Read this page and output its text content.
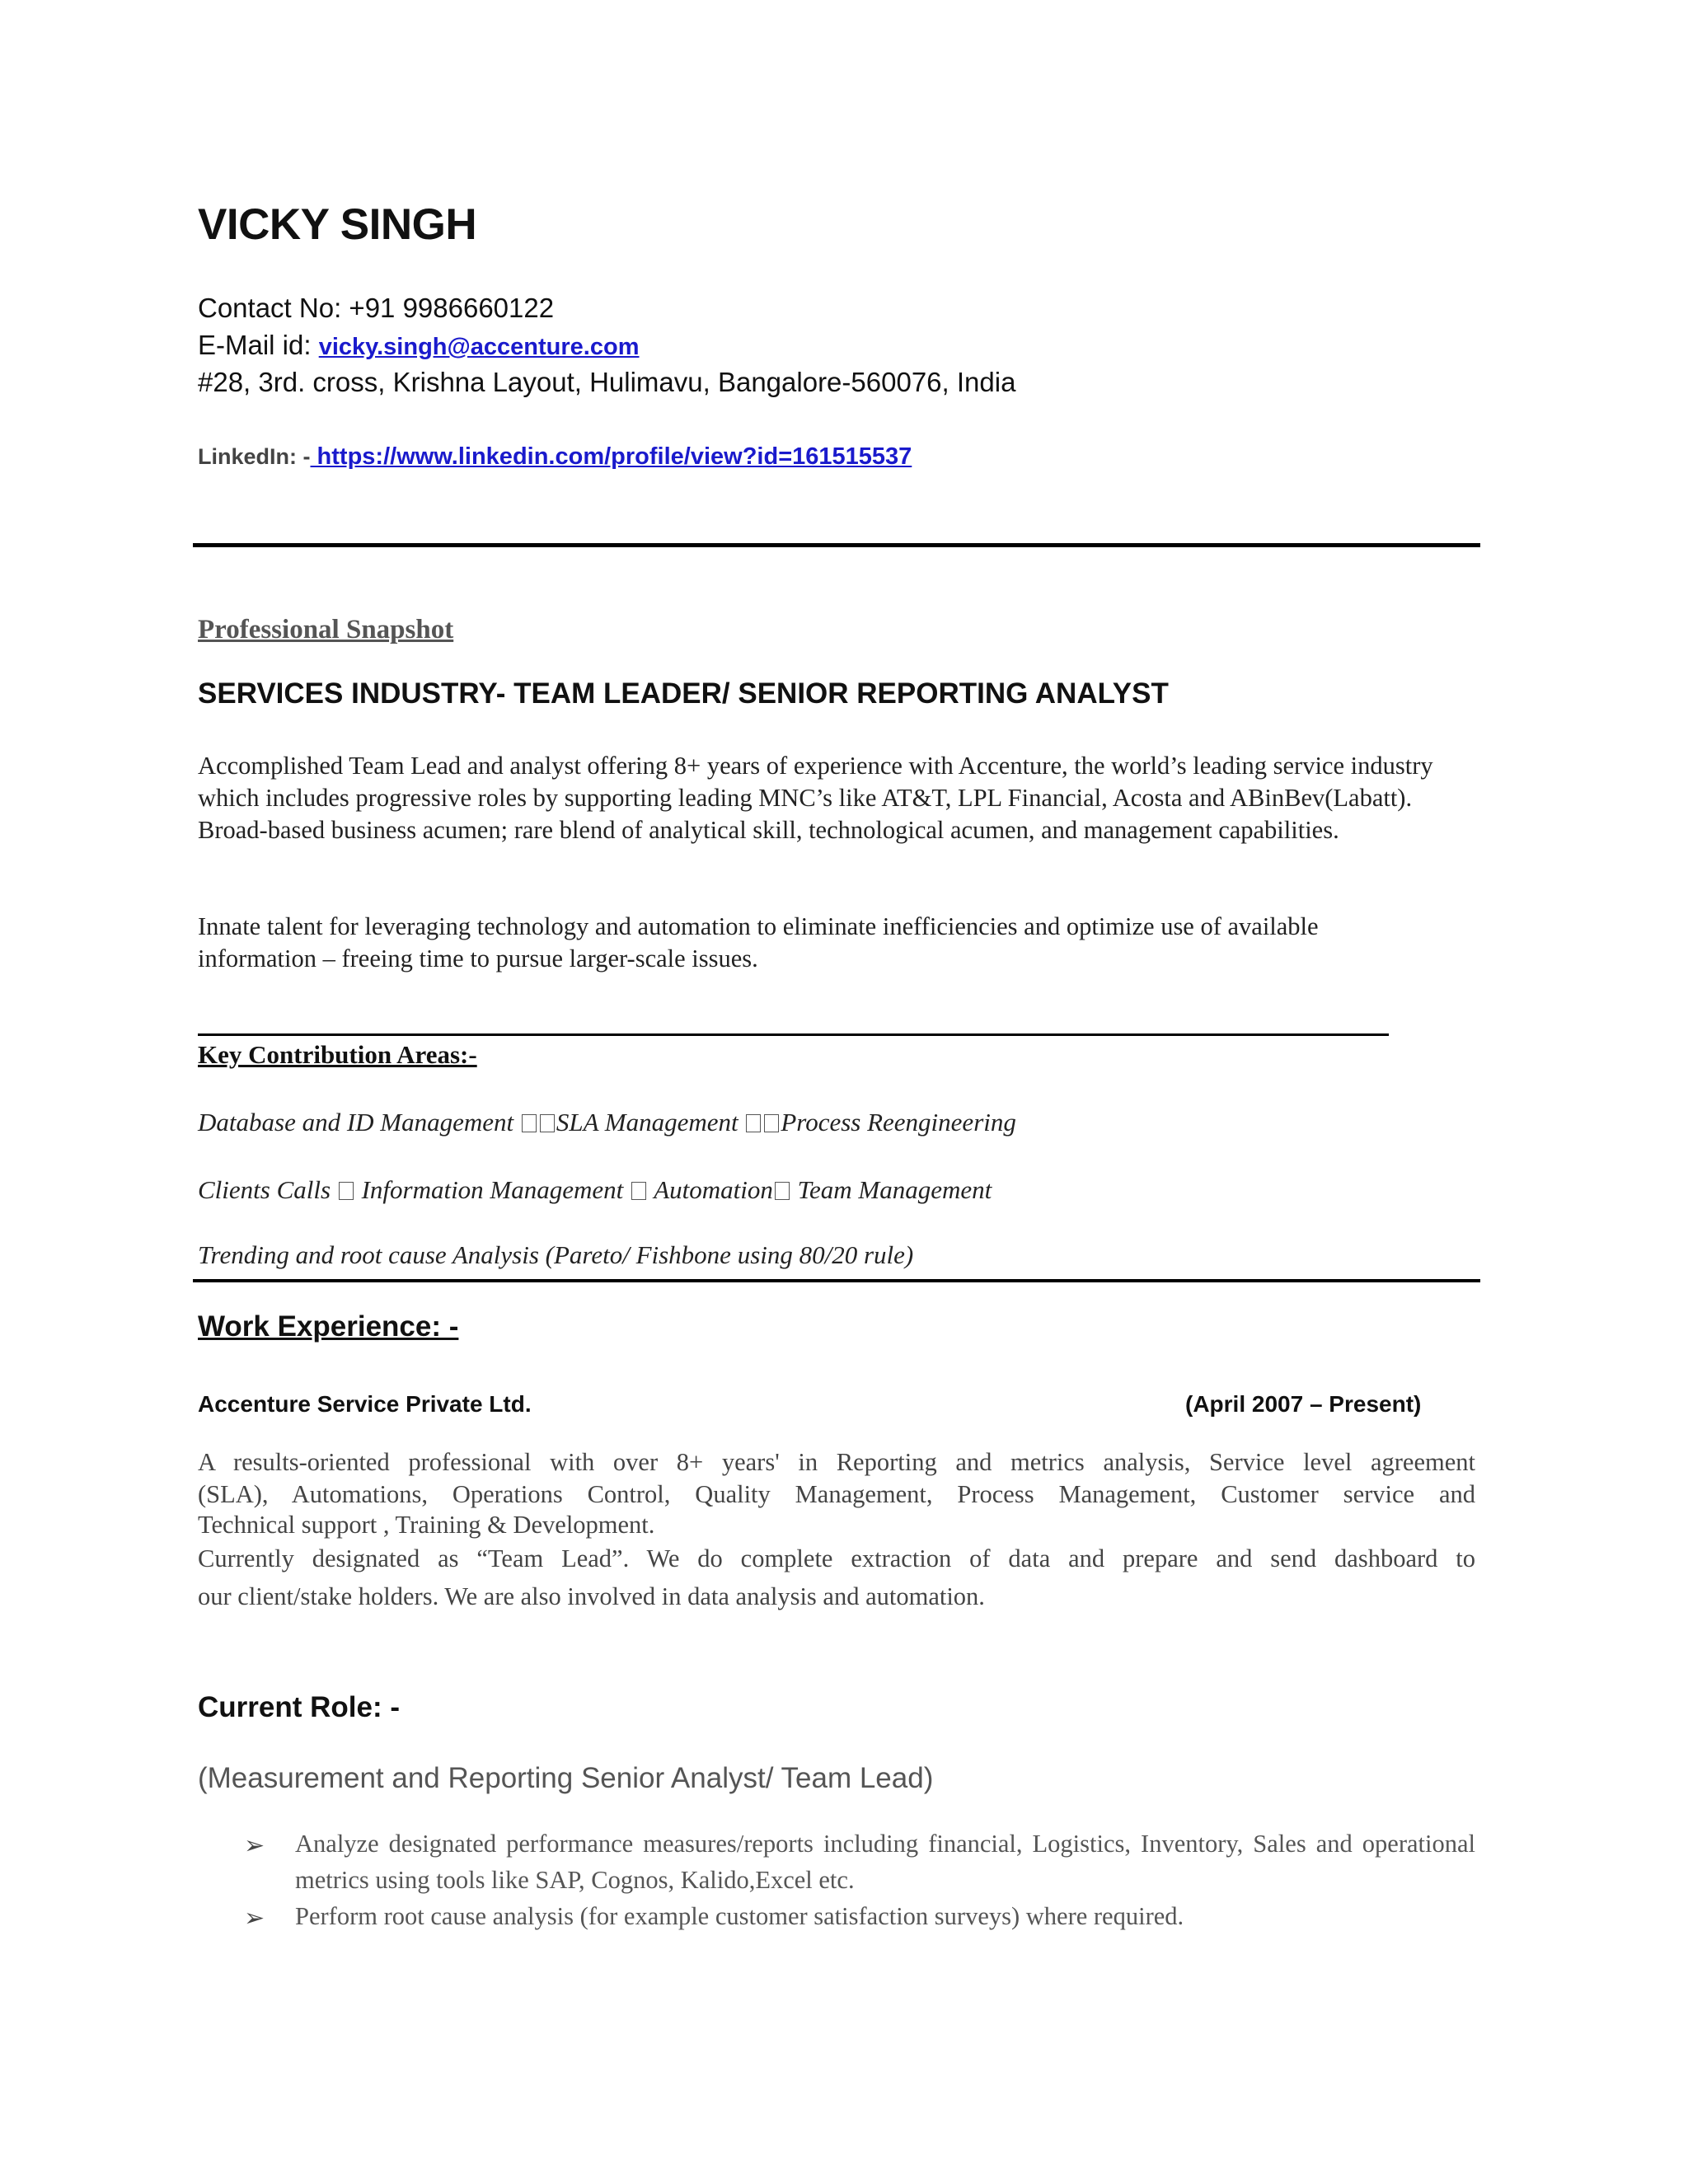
VICKY SINGH
Contact No: +91 9986660122
E-Mail id: vicky.singh@accenture.com
#28, 3rd. cross, Krishna Layout, Hulimavu, Bangalore-560076, India
LinkedIn: - https://www.linkedin.com/profile/view?id=161515537
Professional Snapshot
SERVICES INDUSTRY- TEAM LEADER/ SENIOR REPORTING ANALYST
Accomplished Team Lead and analyst offering 8+ years of experience with Accenture, the world’s leading service industry which includes progressive roles by supporting leading MNC’s like AT&T, LPL Financial, Acosta and ABinBev(Labatt). Broad-based business acumen; rare blend of analytical skill, technological acumen, and management capabilities.
Innate talent for leveraging technology and automation to eliminate inefficiencies and optimize use of available information – freeing time to pursue larger-scale issues.
Key Contribution Areas:-
Database and ID Management SLA Management Process Reengineering
Clients Calls  Information Management  Automation Team Management
Trending and root cause Analysis (Pareto/ Fishbone using 80/20 rule)
Work Experience: -
Accenture Service Private Ltd.	(April 2007 – Present)
A results-oriented professional with over 8+ years' in Reporting and metrics analysis, Service level agreement
(SLA), Automations, Operations Control, Quality Management, Process Management, Customer service and
Technical support , Training & Development.
Currently designated as “Team Lead”. We do complete extraction of data and prepare and send dashboard to
our client/stake holders. We are also involved in data analysis and automation.
Current Role: -
(Measurement and Reporting Senior Analyst/ Team Lead)
➢ Analyze designated performance measures/reports including financial, Logistics, Inventory, Sales and operational metrics using tools like SAP, Cognos, Kalido,Excel etc.
➢ Perform root cause analysis (for example customer satisfaction surveys) where required.
